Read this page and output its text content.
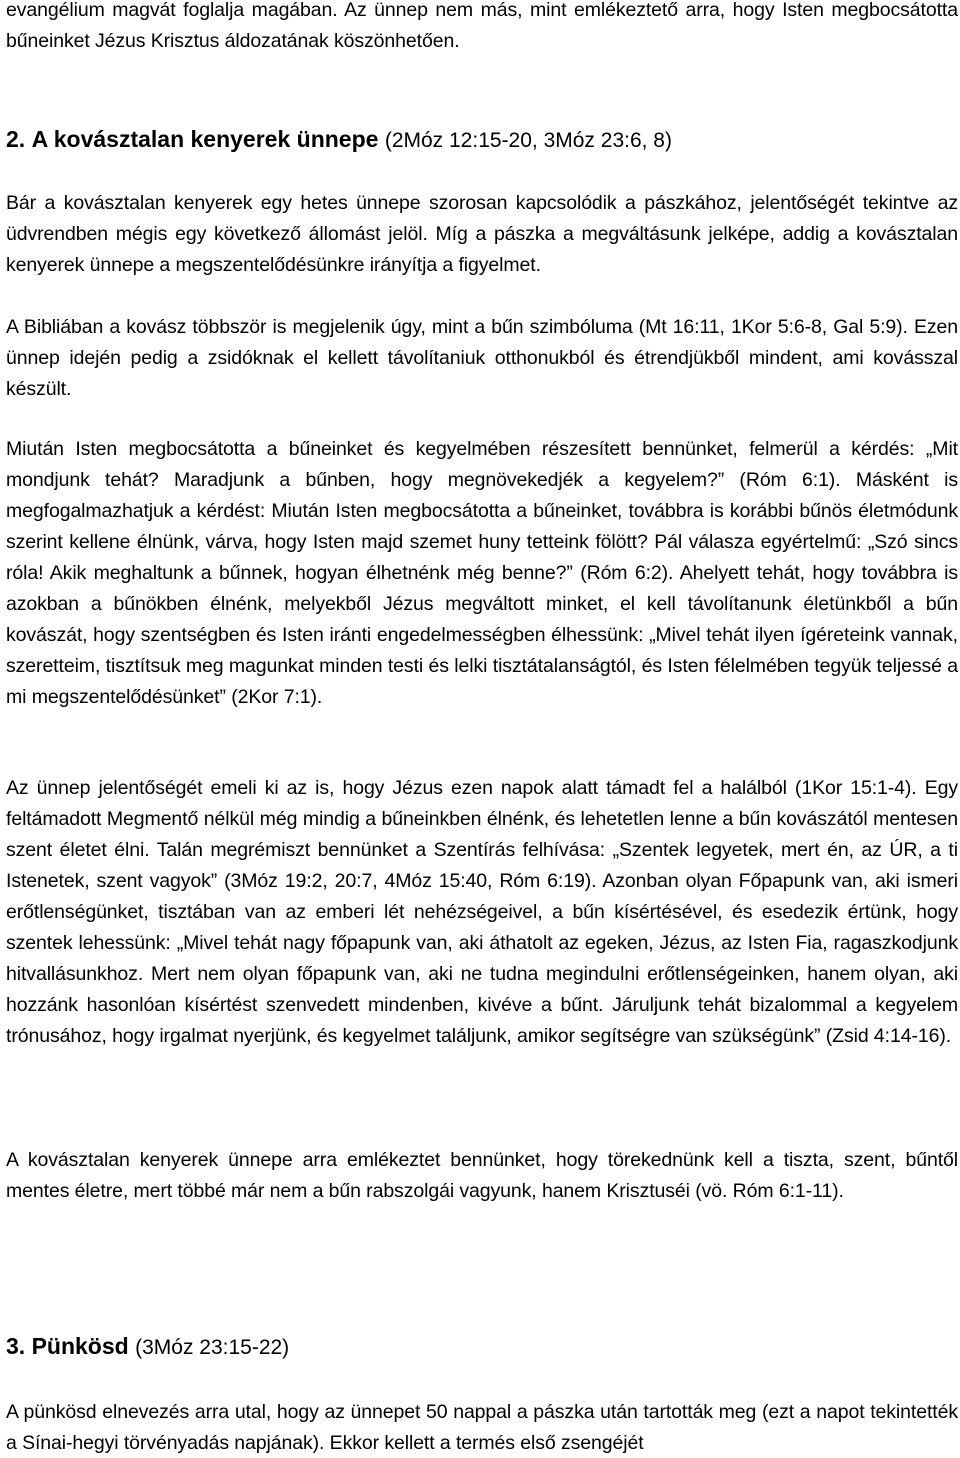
evangélium magvát foglalja magában. Az ünnep nem más, mint emlékeztető arra, hogy Isten megbocsátotta bűneinket Jézus Krisztus áldozatának köszönhetően.

2. A kovásztalan kenyerek ünnepe (2Móz 12:15-20, 3Móz 23:6, 8)

Bár a kovásztalan kenyerek egy hetes ünnepe szorosan kapcsolódik a pászkához, jelentőségét tekintve az üdvrendben mégis egy következő állomást jelöl. Míg a pászka a megváltásunk jelképe, addig a kovásztalan kenyerek ünnepe a megszentelődésünkre irányítja a figyelmet.

A Bibliában a kovász többször is megjelenik úgy, mint a bűn szimbóluma (Mt 16:11, 1Kor 5:6-8, Gal 5:9). Ezen ünnep idején pedig a zsidóknak el kellett távolítaniuk otthonukból és étrendjükből mindent, ami kovásszal készült.

Miután Isten megbocsátotta a bűneinket és kegyelmében részesített bennünket, felmerül a kérdés: „Mit mondjunk tehát? Maradjunk a bűnben, hogy megnövekedjék a kegyelem?” (Róm 6:1). Másként is megfogalmazhatjuk a kérdést: Miután Isten megbocsátotta a bűneinket, továbbra is korábbi bűnös életmódunk szerint kellene élnünk, várva, hogy Isten majd szemet huny tetteink fölött? Pál válasza egyértelmű: „Szó sincs róla! Akik meghaltunk a bűnnek, hogyan élhetnénk még benne?” (Róm 6:2). Ahelyett tehát, hogy továbbra is azokban a bűnökben élnénk, melyekből Jézus megváltott minket, el kell távolítanunk életünkből a bűn kovászát, hogy szentségben és Isten iránti engedelmességben élhessünk: „Mivel tehát ilyen ígéreteink vannak, szeretteim, tisztítsuk meg magunkat minden testi és lelki tisztátalanságtól, és Isten félelmében tegyük teljessé a mi megszentelődésünket” (2Kor 7:1).

Az ünnep jelentőségét emeli ki az is, hogy Jézus ezen napok alatt támadt fel a halálból (1Kor 15:1-4). Egy feltámadott Megmentő nélkül még mindig a bűneinkben élnénk, és lehetetlen lenne a bűn kovászától mentesen szent életet élni. Talán megrémiszt bennünket a Szentírás felhívása: „Szentek legyetek, mert én, az ÚR, a ti Istenetek, szent vagyok” (3Móz 19:2, 20:7, 4Móz 15:40, Róm 6:19). Azonban olyan Főpapunk van, aki ismeri erőtlenségünket, tisztában van az emberi lét nehézségeivel, a bűn kísértésével, és esedezik értünk, hogy szentek lehessünk: „Mivel tehát nagy főpapunk van, aki áthatolt az egeken, Jézus, az Isten Fia, ragaszkodjunk hitvallásunkhoz. Mert nem olyan főpapunk van, aki ne tudna megindulni erőtlenségeinken, hanem olyan, aki hozzánk hasonlóan kísértést szenvedett mindenben, kivéve a bűnt. Járuljunk tehát bizalommal a kegyelem trónusához, hogy irgalmat nyerjünk, és kegyelmet találjunk, amikor segítségre van szükségünk” (Zsid 4:14-16).

A kovásztalan kenyerek ünnepe arra emlékeztet bennünket, hogy törekednünk kell a tiszta, szent, bűntől mentes életre, mert többé már nem a bűn rabszolgái vagyunk, hanem Krisztuséi (vö. Róm 6:1-11).

3. Pünkösd (3Móz 23:15-22)

A pünkösd elnevezés arra utal, hogy az ünnepet 50 nappal a pászka után tartották meg (ezt a napot tekintették a Sínai-hegyi törvényadás napjának). Ekkor kellett a termés első zsengéjét
